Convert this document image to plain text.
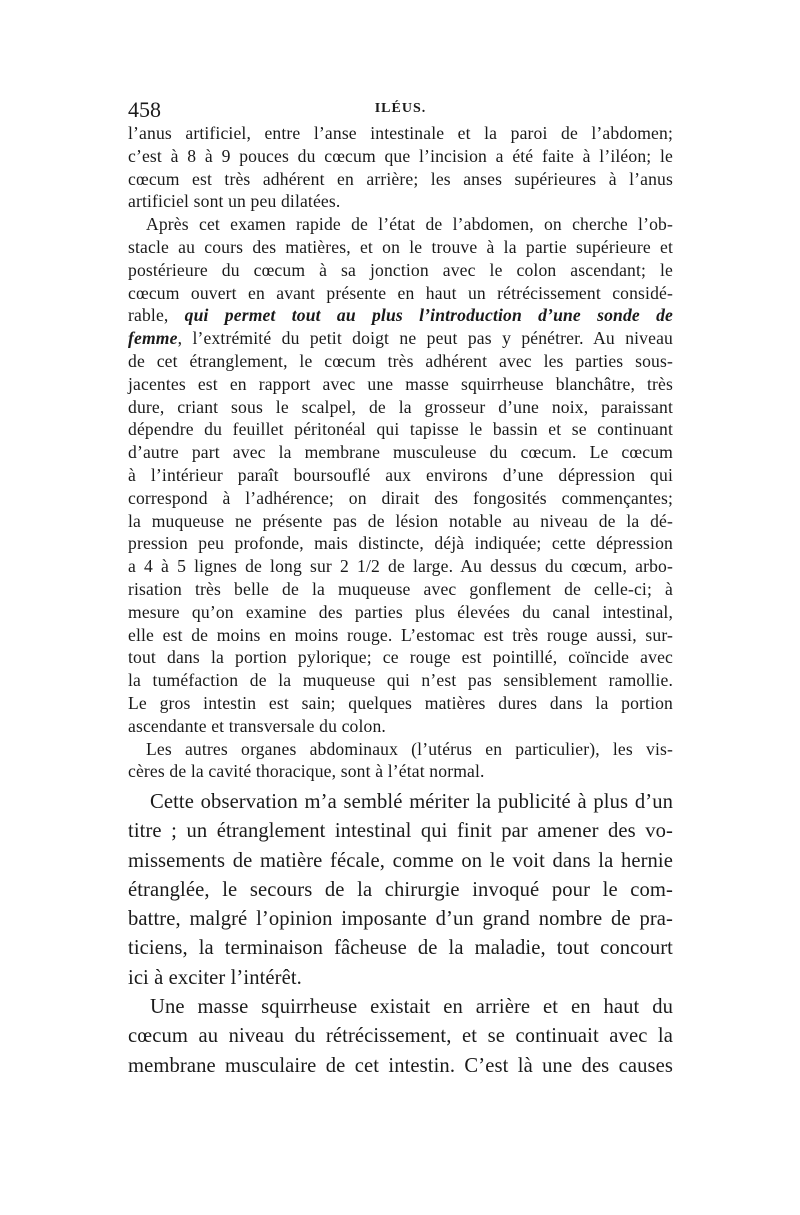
458	ILÉUS.
l’anus artificiel, entre l’anse intestinale et la paroi de l’abdomen;
c’est à 8 à 9 pouces du cœcum que l’incision a été faite à l’iléon; le
cœcum est très adhérent en arrière; les anses supérieures à l’anus
artificiel sont un peu dilatées.
Après cet examen rapide de l’état de l’abdomen, on cherche l’ob-
stacle au cours des matières, et on le trouve à la partie supérieure et
postérieure du cœcum à sa jonction avec le colon ascendant; le
cœcum ouvert en avant présente en haut un rétrécissement considé-
rable, qui permet tout au plus l’introduction d’une sonde de
femme, l’extrémité du petit doigt ne peut pas y pénétrer. Au niveau
de cet étranglement, le cœcum très adhérent avec les parties sous-
jacentes est en rapport avec une masse squirrheuse blanchâtre, très
dure, criant sous le scalpel, de la grosseur d’une noix, paraissant
dépendre du feuillet péritonéal qui tapisse le bassin et se continuant
d’autre part avec la membrane musculeuse du cœcum. Le cœcum
à l’intérieur paraît boursouflé aux environs d’une dépression qui
correspond à l’adhérence; on dirait des fongosités commençantes;
la muqueuse ne présente pas de lésion notable au niveau de la dé-
pression peu profonde, mais distincte, déjà indiquée; cette dépression
a 4 à 5 lignes de long sur 2 1/2 de large. Au dessus du cœcum, arbo-
risation très belle de la muqueuse avec gonflement de celle-ci; à
mesure qu’on examine des parties plus élevées du canal intestinal,
elle est de moins en moins rouge. L’estomac est très rouge aussi, sur-
tout dans la portion pylorique; ce rouge est pointillé, coïncide avec
la tuméfaction de la muqueuse qui n’est pas sensiblement ramollie.
Le gros intestin est sain; quelques matières dures dans la portion
ascendante et transversale du colon.
Les autres organes abdominaux (l’utérus en particulier), les vis-
cères de la cavité thoracique, sont à l’état normal.
Cette observation m’a semblé mériter la publicité à plus d’un
titre ; un étranglement intestinal qui finit par amener des vo-
missements de matière fécale, comme on le voit dans la hernie
étranglée, le secours de la chirurgie invoqué pour le com-
battre, malgré l’opinion imposante d’un grand nombre de pra-
ticiens, la terminaison fâcheuse de la maladie, tout concourt
ici à exciter l’intérêt.
Une masse squirrheuse existait en arrière et en haut du
cœcum au niveau du rétrécissement, et se continuait avec la
membrane musculaire de cet intestin. C’est là une des causes
